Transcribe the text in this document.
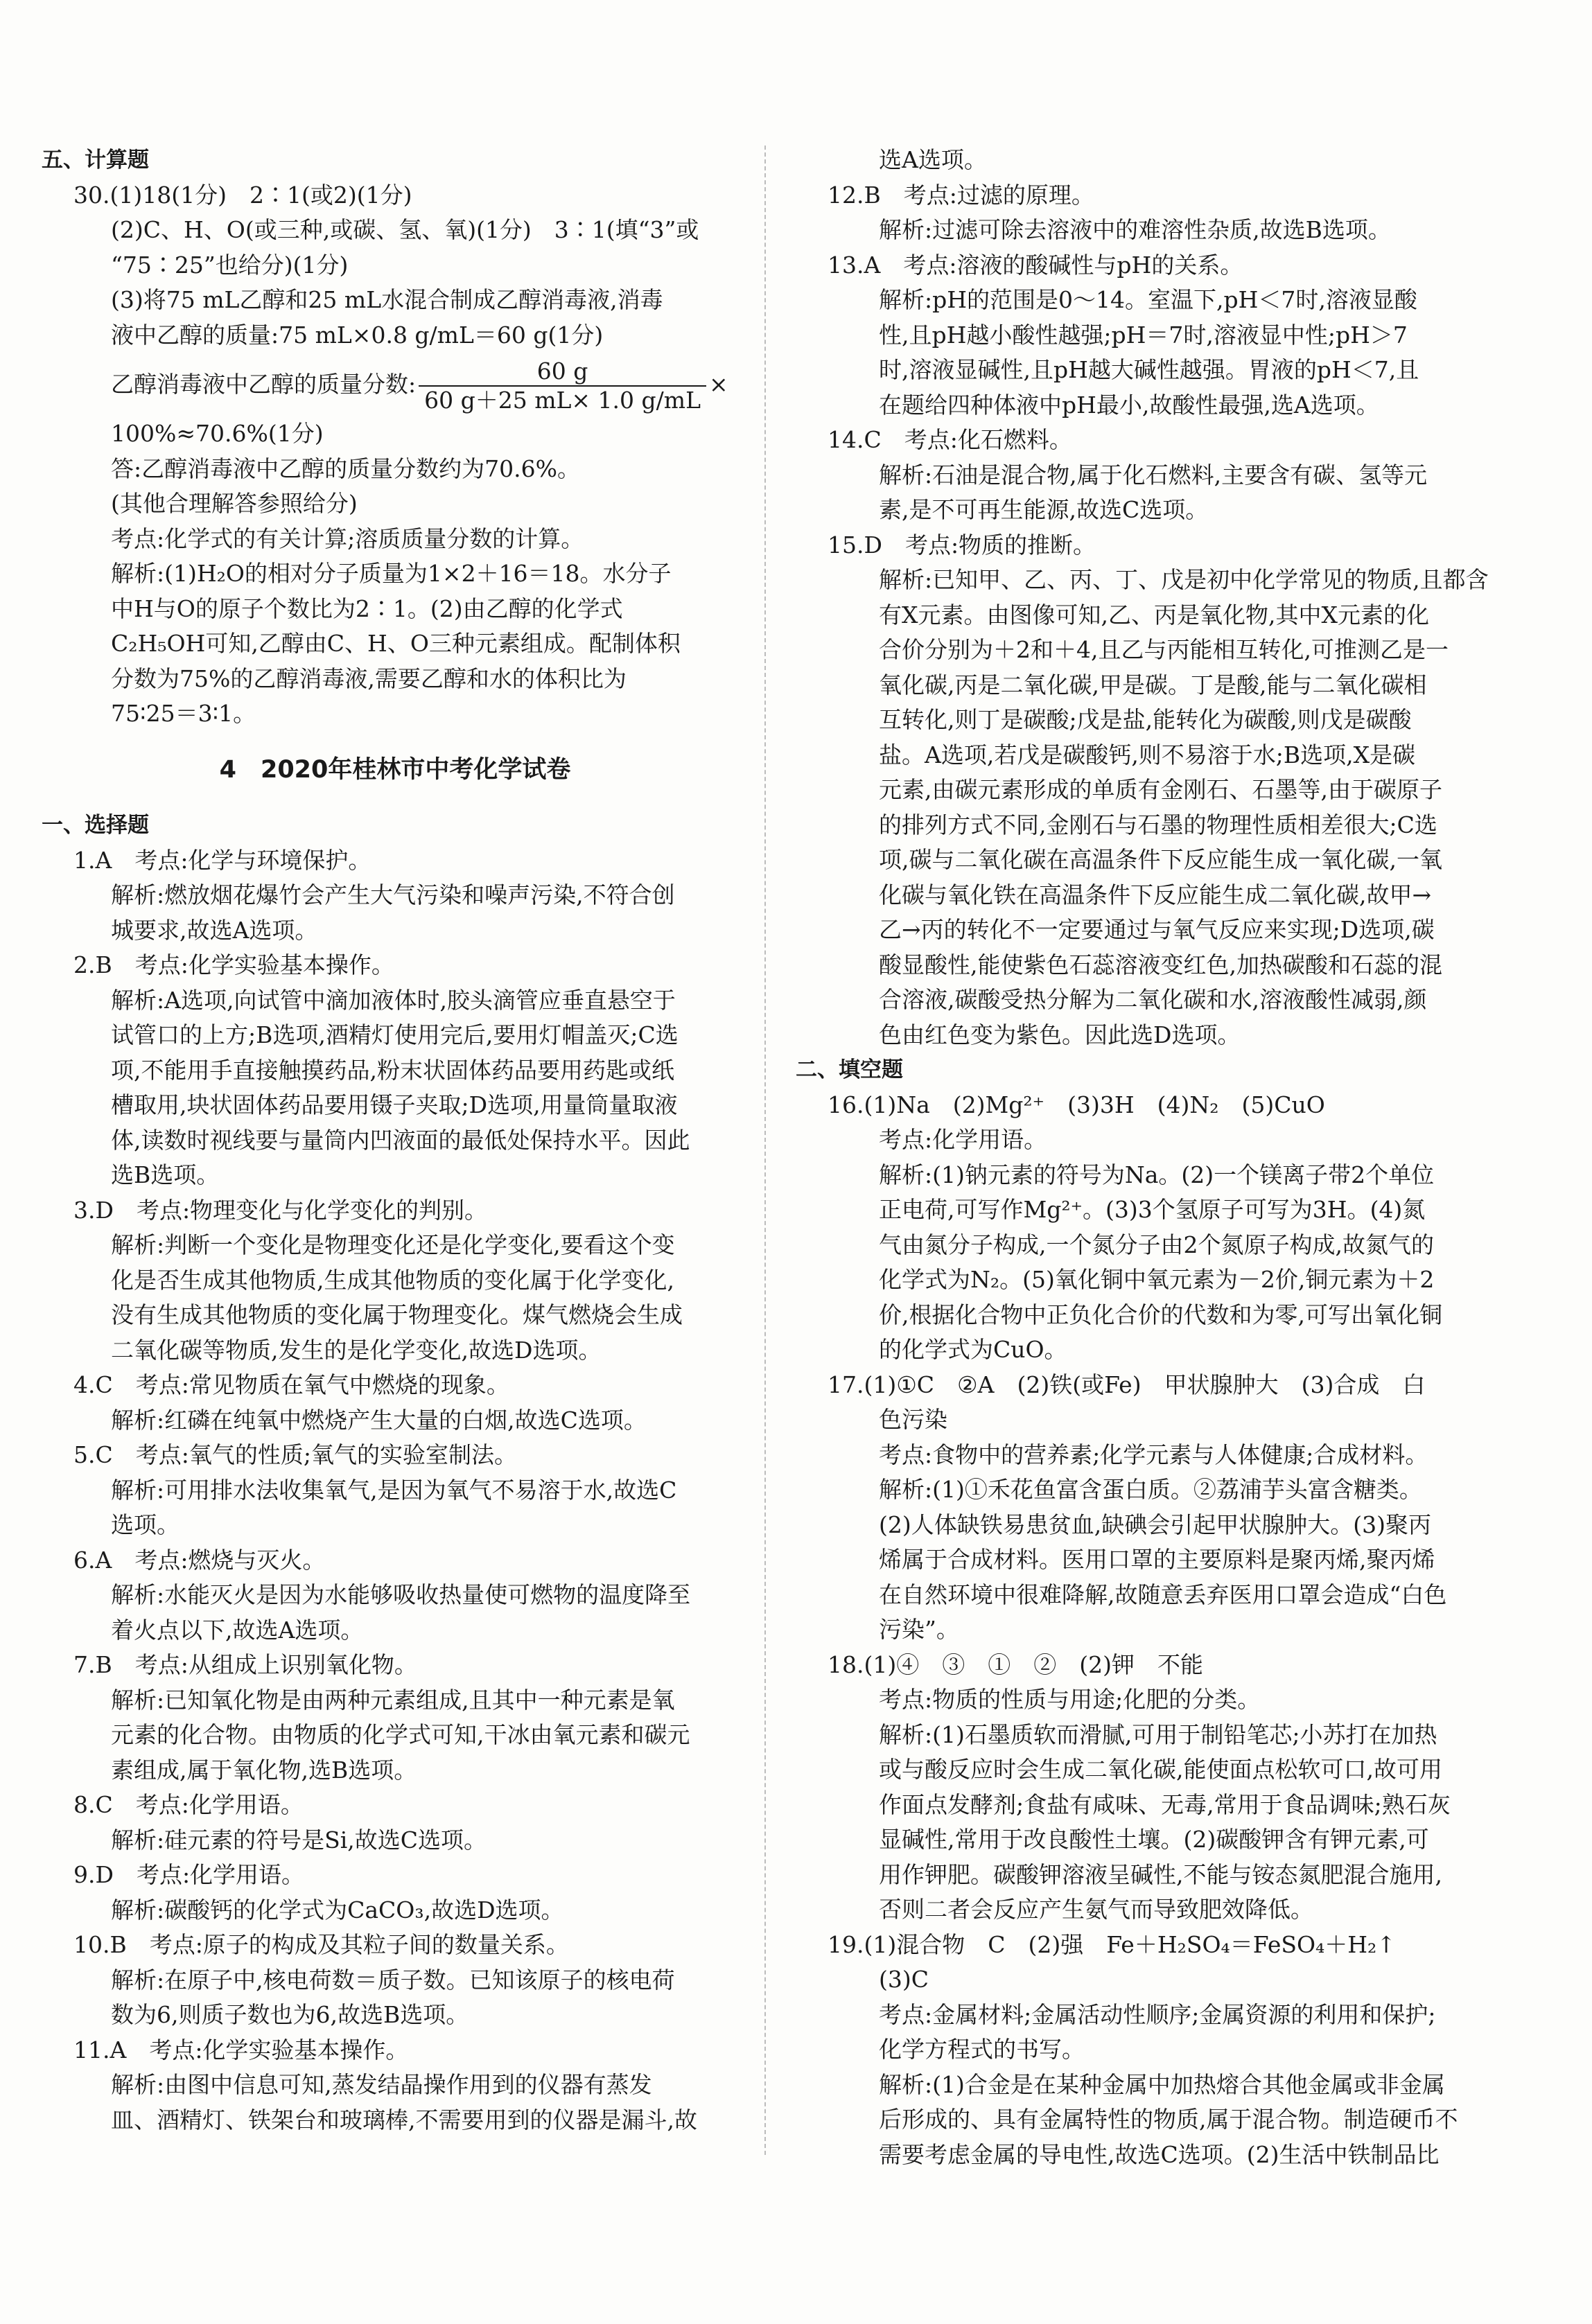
五、计算题
30.(1)18(1分)　2∶1(或2)(1分)
(2)C、H、O(或三种,或碳、氢、氧)(1分)　3∶1(填“3”或
“75∶25”也给分)(1分)
(3)将75 mL乙醇和25 mL水混合制成乙醇消毒液,消毒
液中乙醇的质量:75 mL×0.8 g/mL＝60 g(1分)
乙醇消毒液中乙醇的质量分数: $\frac{60 g}{60 g+25 mL\times 1.0 g/mL}$ ×
100%≈70.6%(1分)
答:乙醇消毒液中乙醇的质量分数约为70.6%。
(其他合理解答参照给分)
考点:化学式的有关计算;溶质质量分数的计算。
解析:(1)H₂O的相对分子质量为1×2＋16＝18。水分子
中H与O的原子个数比为2∶1。(2)由乙醇的化学式
C₂H₅OH可知,乙醇由C、H、O三种元素组成。配制体积
分数为75%的乙醇消毒液,需要乙醇和水的体积比为
75∶25＝3∶1。
4　2020年桂林市中考化学试卷
一、选择题
1.A　考点:化学与环境保护。
解析:燃放烟花爆竹会产生大气污染和噪声污染,不符合创
城要求,故选A选项。
2.B　考点:化学实验基本操作。
解析:A选项,向试管中滴加液体时,胶头滴管应垂直悬空于
试管口的上方;B选项,酒精灯使用完后,要用灯帽盖灭;C选
项,不能用手直接触摸药品,粉末状固体药品要用药匙或纸
槽取用,块状固体药品要用镊子夹取;D选项,用量筒量取液
体,读数时视线要与量筒内凹液面的最低处保持水平。因此
选B选项。
3.D　考点:物理变化与化学变化的判别。
解析:判断一个变化是物理变化还是化学变化,要看这个变
化是否生成其他物质,生成其他物质的变化属于化学变化,
没有生成其他物质的变化属于物理变化。煤气燃烧会生成
二氧化碳等物质,发生的是化学变化,故选D选项。
4.C　考点:常见物质在氧气中燃烧的现象。
解析:红磷在纯氧中燃烧产生大量的白烟,故选C选项。
5.C　考点:氧气的性质;氧气的实验室制法。
解析:可用排水法收集氧气,是因为氧气不易溶于水,故选C
选项。
6.A　考点:燃烧与灭火。
解析:水能灭火是因为水能够吸收热量使可燃物的温度降至
着火点以下,故选A选项。
7.B　考点:从组成上识别氧化物。
解析:已知氧化物是由两种元素组成,且其中一种元素是氧
元素的化合物。由物质的化学式可知,干冰由氧元素和碳元
素组成,属于氧化物,选B选项。
8.C　考点:化学用语。
解析:硅元素的符号是Si,故选C选项。
9.D　考点:化学用语。
解析:碳酸钙的化学式为CaCO₃,故选D选项。
10.B　考点:原子的构成及其粒子间的数量关系。
解析:在原子中,核电荷数＝质子数。已知该原子的核电荷
数为6,则质子数也为6,故选B选项。
11.A　考点:化学实验基本操作。
解析:由图中信息可知,蒸发结晶操作用到的仪器有蒸发
皿、酒精灯、铁架台和玻璃棒,不需要用到的仪器是漏斗,故
选A选项。
12.B　考点:过滤的原理。
解析:过滤可除去溶液中的难溶性杂质,故选B选项。
13.A　考点:溶液的酸碱性与pH的关系。
解析:pH的范围是0～14。室温下,pH＜7时,溶液显酸
性,且pH越小酸性越强;pH＝7时,溶液显中性;pH＞7
时,溶液显碱性,且pH越大碱性越强。胃液的pH＜7,且
在题给四种体液中pH最小,故酸性最强,选A选项。
14.C　考点:化石燃料。
解析:石油是混合物,属于化石燃料,主要含有碳、氢等元
素,是不可再生能源,故选C选项。
15.D　考点:物质的推断。
解析:已知甲、乙、丙、丁、戊是初中化学常见的物质,且都含
有X元素。由图像可知,乙、丙是氧化物,其中X元素的化
合价分别为＋2和＋4,且乙与丙能相互转化,可推测乙是一
氧化碳,丙是二氧化碳,甲是碳。丁是酸,能与二氧化碳相
互转化,则丁是碳酸;戊是盐,能转化为碳酸,则戊是碳酸
盐。A选项,若戊是碳酸钙,则不易溶于水;B选项,X是碳
元素,由碳元素形成的单质有金刚石、石墨等,由于碳原子
的排列方式不同,金刚石与石墨的物理性质相差很大;C选
项,碳与二氧化碳在高温条件下反应能生成一氧化碳,一氧
化碳与氧化铁在高温条件下反应能生成二氧化碳,故甲→
乙→丙的转化不一定要通过与氧气反应来实现;D选项,碳
酸显酸性,能使紫色石蕊溶液变红色,加热碳酸和石蕊的混
合溶液,碳酸受热分解为二氧化碳和水,溶液酸性减弱,颜
色由红色变为紫色。因此选D选项。
二、填空题
16.(1)Na　(2)Mg²⁺　(3)3H　(4)N₂　(5)CuO
考点:化学用语。
解析:(1)钠元素的符号为Na。(2)一个镁离子带2个单位
正电荷,可写作Mg²⁺。(3)3个氢原子可写为3H。(4)氮
气由氮分子构成,一个氮分子由2个氮原子构成,故氮气的
化学式为N₂。(5)氧化铜中氧元素为－2价,铜元素为＋2
价,根据化合物中正负化合价的代数和为零,可写出氧化铜
的化学式为CuO。
17.(1)①C　②A　(2)铁(或Fe)　甲状腺肿大　(3)合成　白
色污染
考点:食物中的营养素;化学元素与人体健康;合成材料。
解析:(1)①禾花鱼富含蛋白质。②荔浦芋头富含糖类。
(2)人体缺铁易患贫血,缺碘会引起甲状腺肿大。(3)聚丙
烯属于合成材料。医用口罩的主要原料是聚丙烯,聚丙烯
在自然环境中很难降解,故随意丢弃医用口罩会造成“白色
污染”。
18.(1)④　③　①　②　(2)钾　不能
考点:物质的性质与用途;化肥的分类。
解析:(1)石墨质软而滑腻,可用于制铅笔芯;小苏打在加热
或与酸反应时会生成二氧化碳,能使面点松软可口,故可用
作面点发酵剂;食盐有咸味、无毒,常用于食品调味;熟石灰
显碱性,常用于改良酸性土壤。(2)碳酸钾含有钾元素,可
用作钾肥。碳酸钾溶液呈碱性,不能与铵态氮肥混合施用,
否则二者会反应产生氨气而导致肥效降低。
19.(1)混合物　C　(2)强　Fe＋H₂SO₄＝FeSO₄＋H₂↑
(3)C
考点:金属材料;金属活动性顺序;金属资源的利用和保护;
化学方程式的书写。
解析:(1)合金是在某种金属中加热熔合其他金属或非金属
后形成的、具有金属特性的物质,属于混合物。制造硬币不
需要考虑金属的导电性,故选C选项。(2)生活中铁制品比
